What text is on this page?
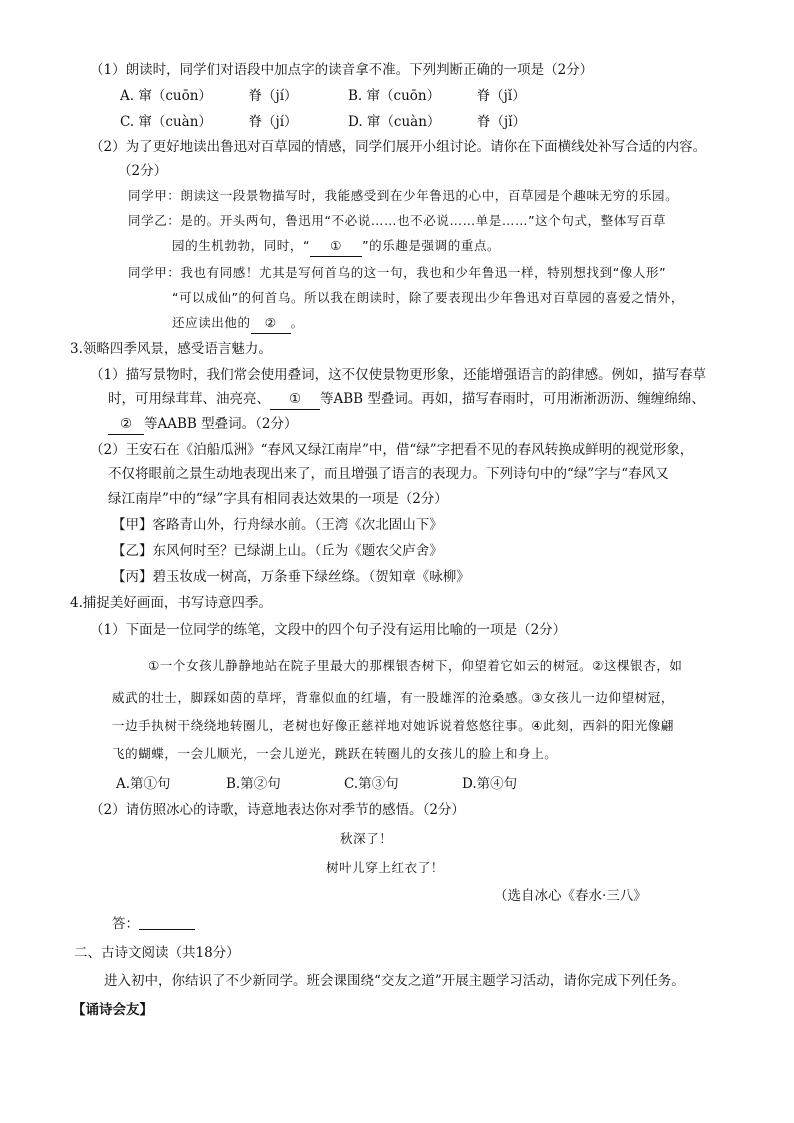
（1）朗读时，同学们对语段中加点字的读音拿不准。下列判断正确的一项是（2分）
A. 窜（cuōn）	脊（jí）	B. 窜（cuōn）	脊（jǐ）
C. 窜（cuàn）	脊（jí）	D. 窜（cuàn）	脊（jǐ）
（2）为了更好地读出鲁迅对百草园的情感，同学们展开小组讨论。请你在下面横线处补写合适的内容。
（2分）
同学甲：朗读这一段景物描写时，我能感受到在少年鲁迅的心中，百草园是个趣味无穷的乐园。
同学乙：是的。开头两句，鲁迅用“不必说……也不必说……单是……”这个句式，整体写百草
园的生机勃勃，同时，“ ① ”的乐趣是强调的重点。
同学甲：我也有同感！尤其是写何首乌的这一句，我也和少年鲁迅一样，特别想找到“像人形”
“可以成仙”的何首乌。所以我在朗读时，除了要表现出少年鲁迅对百草园的喜爱之情外，
还应读出他的 ② 。
3.领略四季风景，感受语言魅力。
（1）描写景物时，我们常会使用叠词，这不仅使景物更形象，还能增强语言的韵律感。例如，描写春草
时，可用绿茸茸、油亮亮、 ① 等ABB 型叠词。再如，描写春雨时，可用淅淅沥沥、缠缠绵绵、
② 等AABB 型叠词。（2分）
（2）王安石在《泊船瓜洲》“春风又绿江南岸”中，借“绿”字把看不见的春风转换成鲜明的视觉形象，
不仅将眼前之景生动地表现出来了，而且增强了语言的表现力。下列诗句中的“绿”字与“春风又
绿江南岸”中的“绿”字具有相同表达效果的一项是（2分）
【甲】客路青山外，行舟绿水前。（王湾《次北固山下》
【乙】东风何时至？已绿湖上山。（丘为《题农父庐舍》
【丙】碧玉妆成一树高，万条垂下绿丝绦。（贺知章《咏柳》
4.捕捉美好画面，书写诗意四季。
（1）下面是一位同学的练笔，文段中的四个句子没有运用比喻的一项是（2分）
①一个女孩儿静静地站在院子里最大的那棵银杏树下，仰望着它如云的树冠。②这棵银杏，如
威武的壮士，脚踩如茵的草坪，背靠似血的红墙，有一股雄浑的沧桑感。③女孩儿一边仰望树冠，
一边手执树干绕绕地转圈儿，老树也好像正慈祥地对她诉说着悠悠往事。④此刻，西斜的阳光像翩
飞的蝴蝶，一会儿顺光，一会儿逆光，跳跃在转圈儿的女孩儿的脸上和身上。
A.第①句	B.第②句	C.第③句	D.第④句
（2）请仿照冰心的诗歌，诗意地表达你对季节的感悟。（2分）
秋深了！
树叶儿穿上红衣了！
（选自冰心《春水·三八》
答：
二、古诗文阅读（共18分）
进入初中，你结识了不少新同学。班会课围绕“交友之道”开展主题学习活动，请你完成下列任务。
【诵诗会友】
